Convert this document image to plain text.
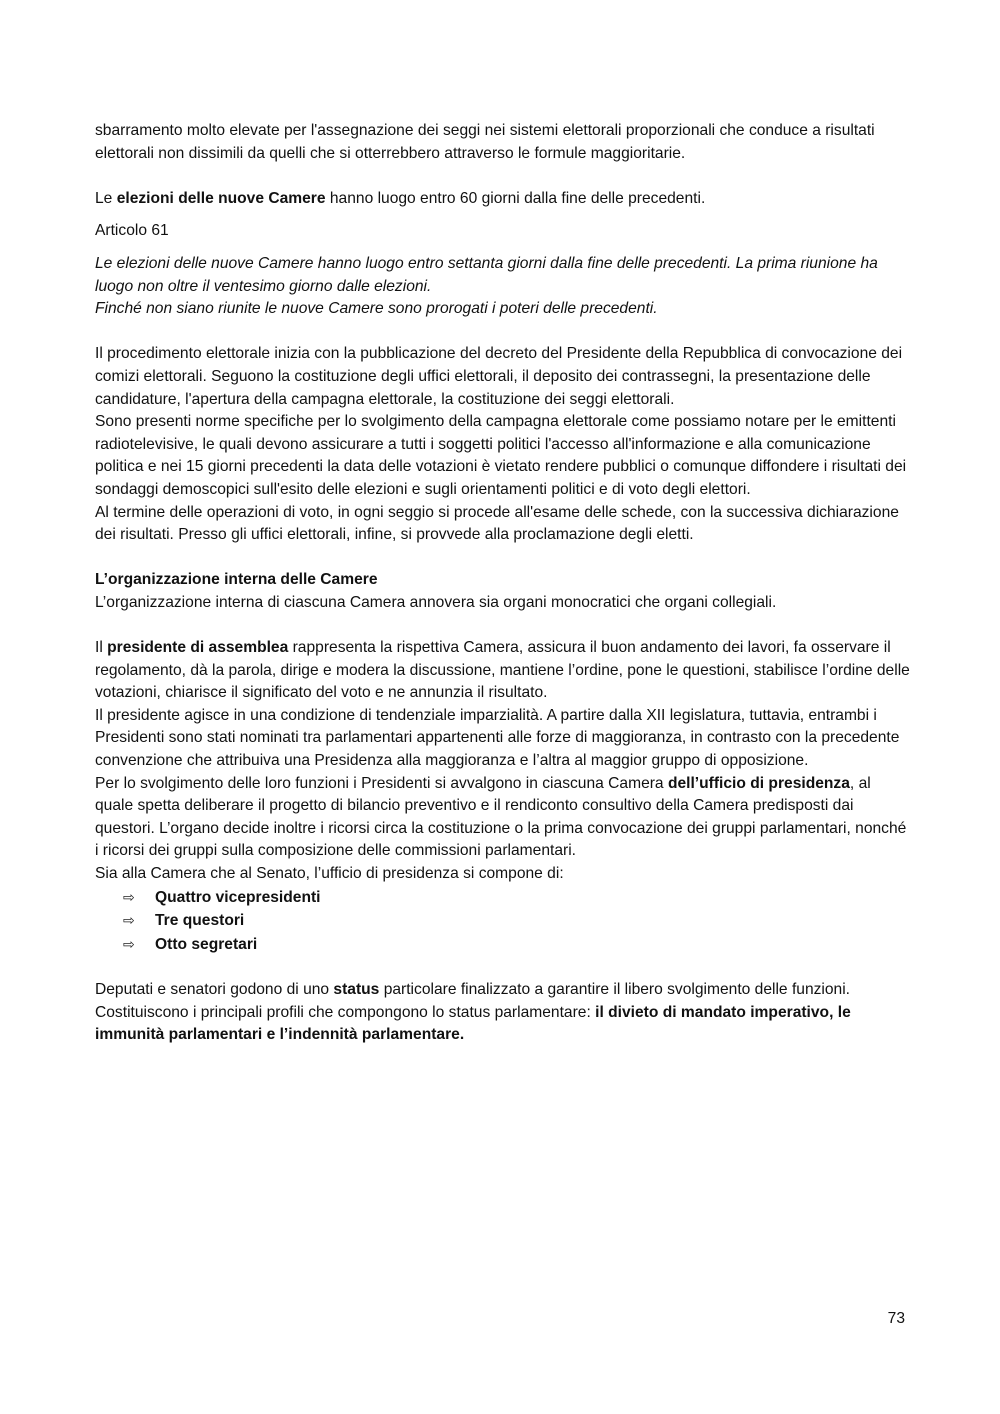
sbarramento molto elevate per l'assegnazione dei seggi nei sistemi elettorali proporzionali che conduce a risultati elettorali non dissimili da quelli che si otterrebbero attraverso le formule maggioritarie.

Le elezioni delle nuove Camere hanno luogo entro 60 giorni dalla fine delle precedenti.

Articolo 61

Le elezioni delle nuove Camere hanno luogo entro settanta giorni dalla fine delle precedenti. La prima riunione ha luogo non oltre il ventesimo giorno dalle elezioni.

Finché non siano riunite le nuove Camere sono prorogati i poteri delle precedenti.

Il procedimento elettorale inizia con la pubblicazione del decreto del Presidente della Repubblica di convocazione dei comizi elettorali. Seguono la costituzione degli uffici elettorali, il deposito dei contrassegni, la presentazione delle candidature, l'apertura della campagna elettorale, la costituzione dei seggi elettorali.

Sono presenti norme specifiche per lo svolgimento della campagna elettorale come possiamo notare per le emittenti radiotelevisive, le quali devono assicurare a tutti i soggetti politici l'accesso all'informazione e alla comunicazione politica e nei 15 giorni precedenti la data delle votazioni è vietato rendere pubblici o comunque diffondere i risultati dei sondaggi demoscopici sull'esito delle elezioni e sugli orientamenti politici e di voto degli elettori.

Al termine delle operazioni di voto, in ogni seggio si procede all'esame delle schede, con la successiva dichiarazione dei risultati. Presso gli uffici elettorali, infine, si provvede alla proclamazione degli eletti.

L’organizzazione interna delle Camere

L’organizzazione interna di ciascuna Camera annovera sia organi monocratici che organi collegiali.

Il presidente di assemblea rappresenta la rispettiva Camera, assicura il buon andamento dei lavori, fa osservare il regolamento, dà la parola, dirige e modera la discussione, mantiene l’ordine, pone le questioni, stabilisce l’ordine delle votazioni, chiarisce il significato del voto e ne annunzia il risultato.

Il presidente agisce in una condizione di tendenziale imparzialità. A partire dalla XII legislatura, tuttavia, entrambi i Presidenti sono stati nominati tra parlamentari appartenenti alle forze di maggioranza, in contrasto con la precedente convenzione che attribuiva una Presidenza alla maggioranza e l’altra al maggior gruppo di opposizione.

Per lo svolgimento delle loro funzioni i Presidenti si avvalgono in ciascuna Camera dell’ufficio di presidenza, al quale spetta deliberare il progetto di bilancio preventivo e il rendiconto consultivo della Camera predisposti dai questori. L’organo decide inoltre i ricorsi circa la costituzione o la prima convocazione dei gruppi parlamentari, nonché i ricorsi dei gruppi sulla composizione delle commissioni parlamentari.

Sia alla Camera che al Senato, l’ufficio di presidenza si compone di:

⇨	Quattro vicepresidenti
⇨	Tre questori
⇨	Otto segretari

Deputati e senatori godono di uno status particolare finalizzato a garantire il libero svolgimento delle funzioni.

Costituiscono i principali profili che compongono lo status parlamentare: il divieto di mandato imperativo, le immunità parlamentari e l’indennità parlamentare.

73
